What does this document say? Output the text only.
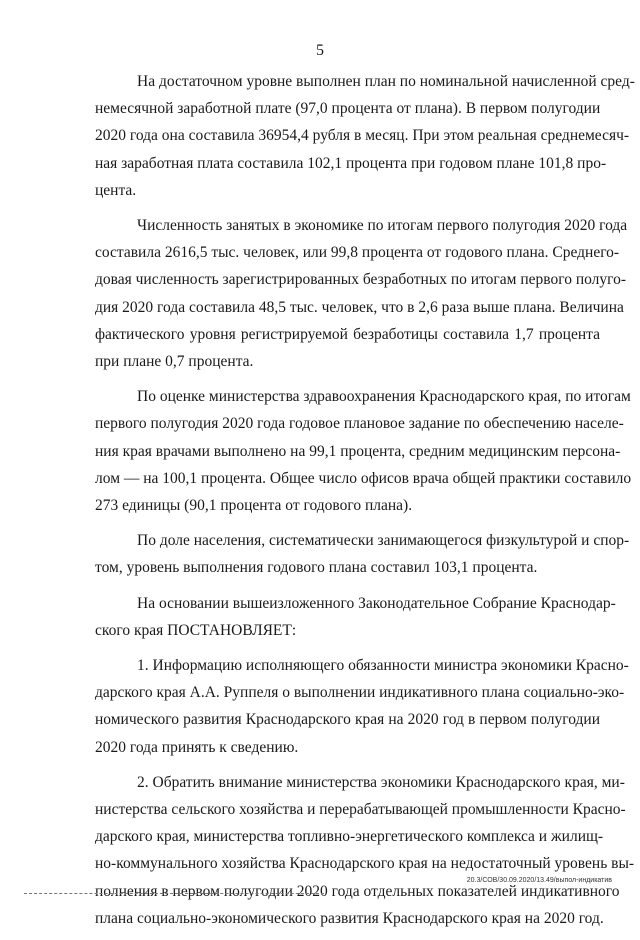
5
На достаточном уровне выполнен план по номинальной начисленной сред-
немесячной заработной плате (97,0 процента от плана). В первом полугодии
2020 года она составила 36954,4 рубля в месяц. При этом реальная среднемесяч-
ная заработная плата составила 102,1 процента при годовом плане 101,8 про-
цента.
Численность занятых в экономике по итогам первого полугодия 2020 года
составила 2616,5 тыс. человек, или 99,8 процента от годового плана. Среднего-
довая численность зарегистрированных безработных по итогам первого полуго-
дия 2020 года составила 48,5 тыс. человек, что в 2,6 раза выше плана. Величина
фактического уровня регистрируемой безработицы составила 1,7 процента
при плане 0,7 процента.
По оценке министерства здравоохранения Краснодарского края, по итогам
первого полугодия 2020 года годовое плановое задание по обеспечению населе-
ния края врачами выполнено на 99,1 процента, средним медицинским персона-
лом — на 100,1 процента. Общее число офисов врача общей практики составило
273 единицы (90,1 процента от годового плана).
По доле населения, систематически занимающегося физкультурой и спор-
том, уровень выполнения годового плана составил 103,1 процента.
На основании вышеизложенного Законодательное Собрание Краснодар-
ского края ПОСТАНОВЛЯЕТ:
1. Информацию исполняющего обязанности министра экономики Красно-
дарского края А.А. Руппеля о выполнении индикативного плана социально-эко-
номического развития Краснодарского края на 2020 год в первом полугодии
2020 года принять к сведению.
2. Обратить внимание министерства экономики Краснодарского края, ми-
нистерства сельского хозяйства и перерабатывающей промышленности Красно-
дарского края, министерства топливно-энергетического комплекса и жилищ-
но-коммунального хозяйства Краснодарского края на недостаточный уровень вы-
полнения в первом полугодии 2020 года отдельных показателей индикативного
плана социально-экономического развития Краснодарского края на 2020 год.
20.3/СОВ/30.09.2020/13.49/выпол-индикатив
